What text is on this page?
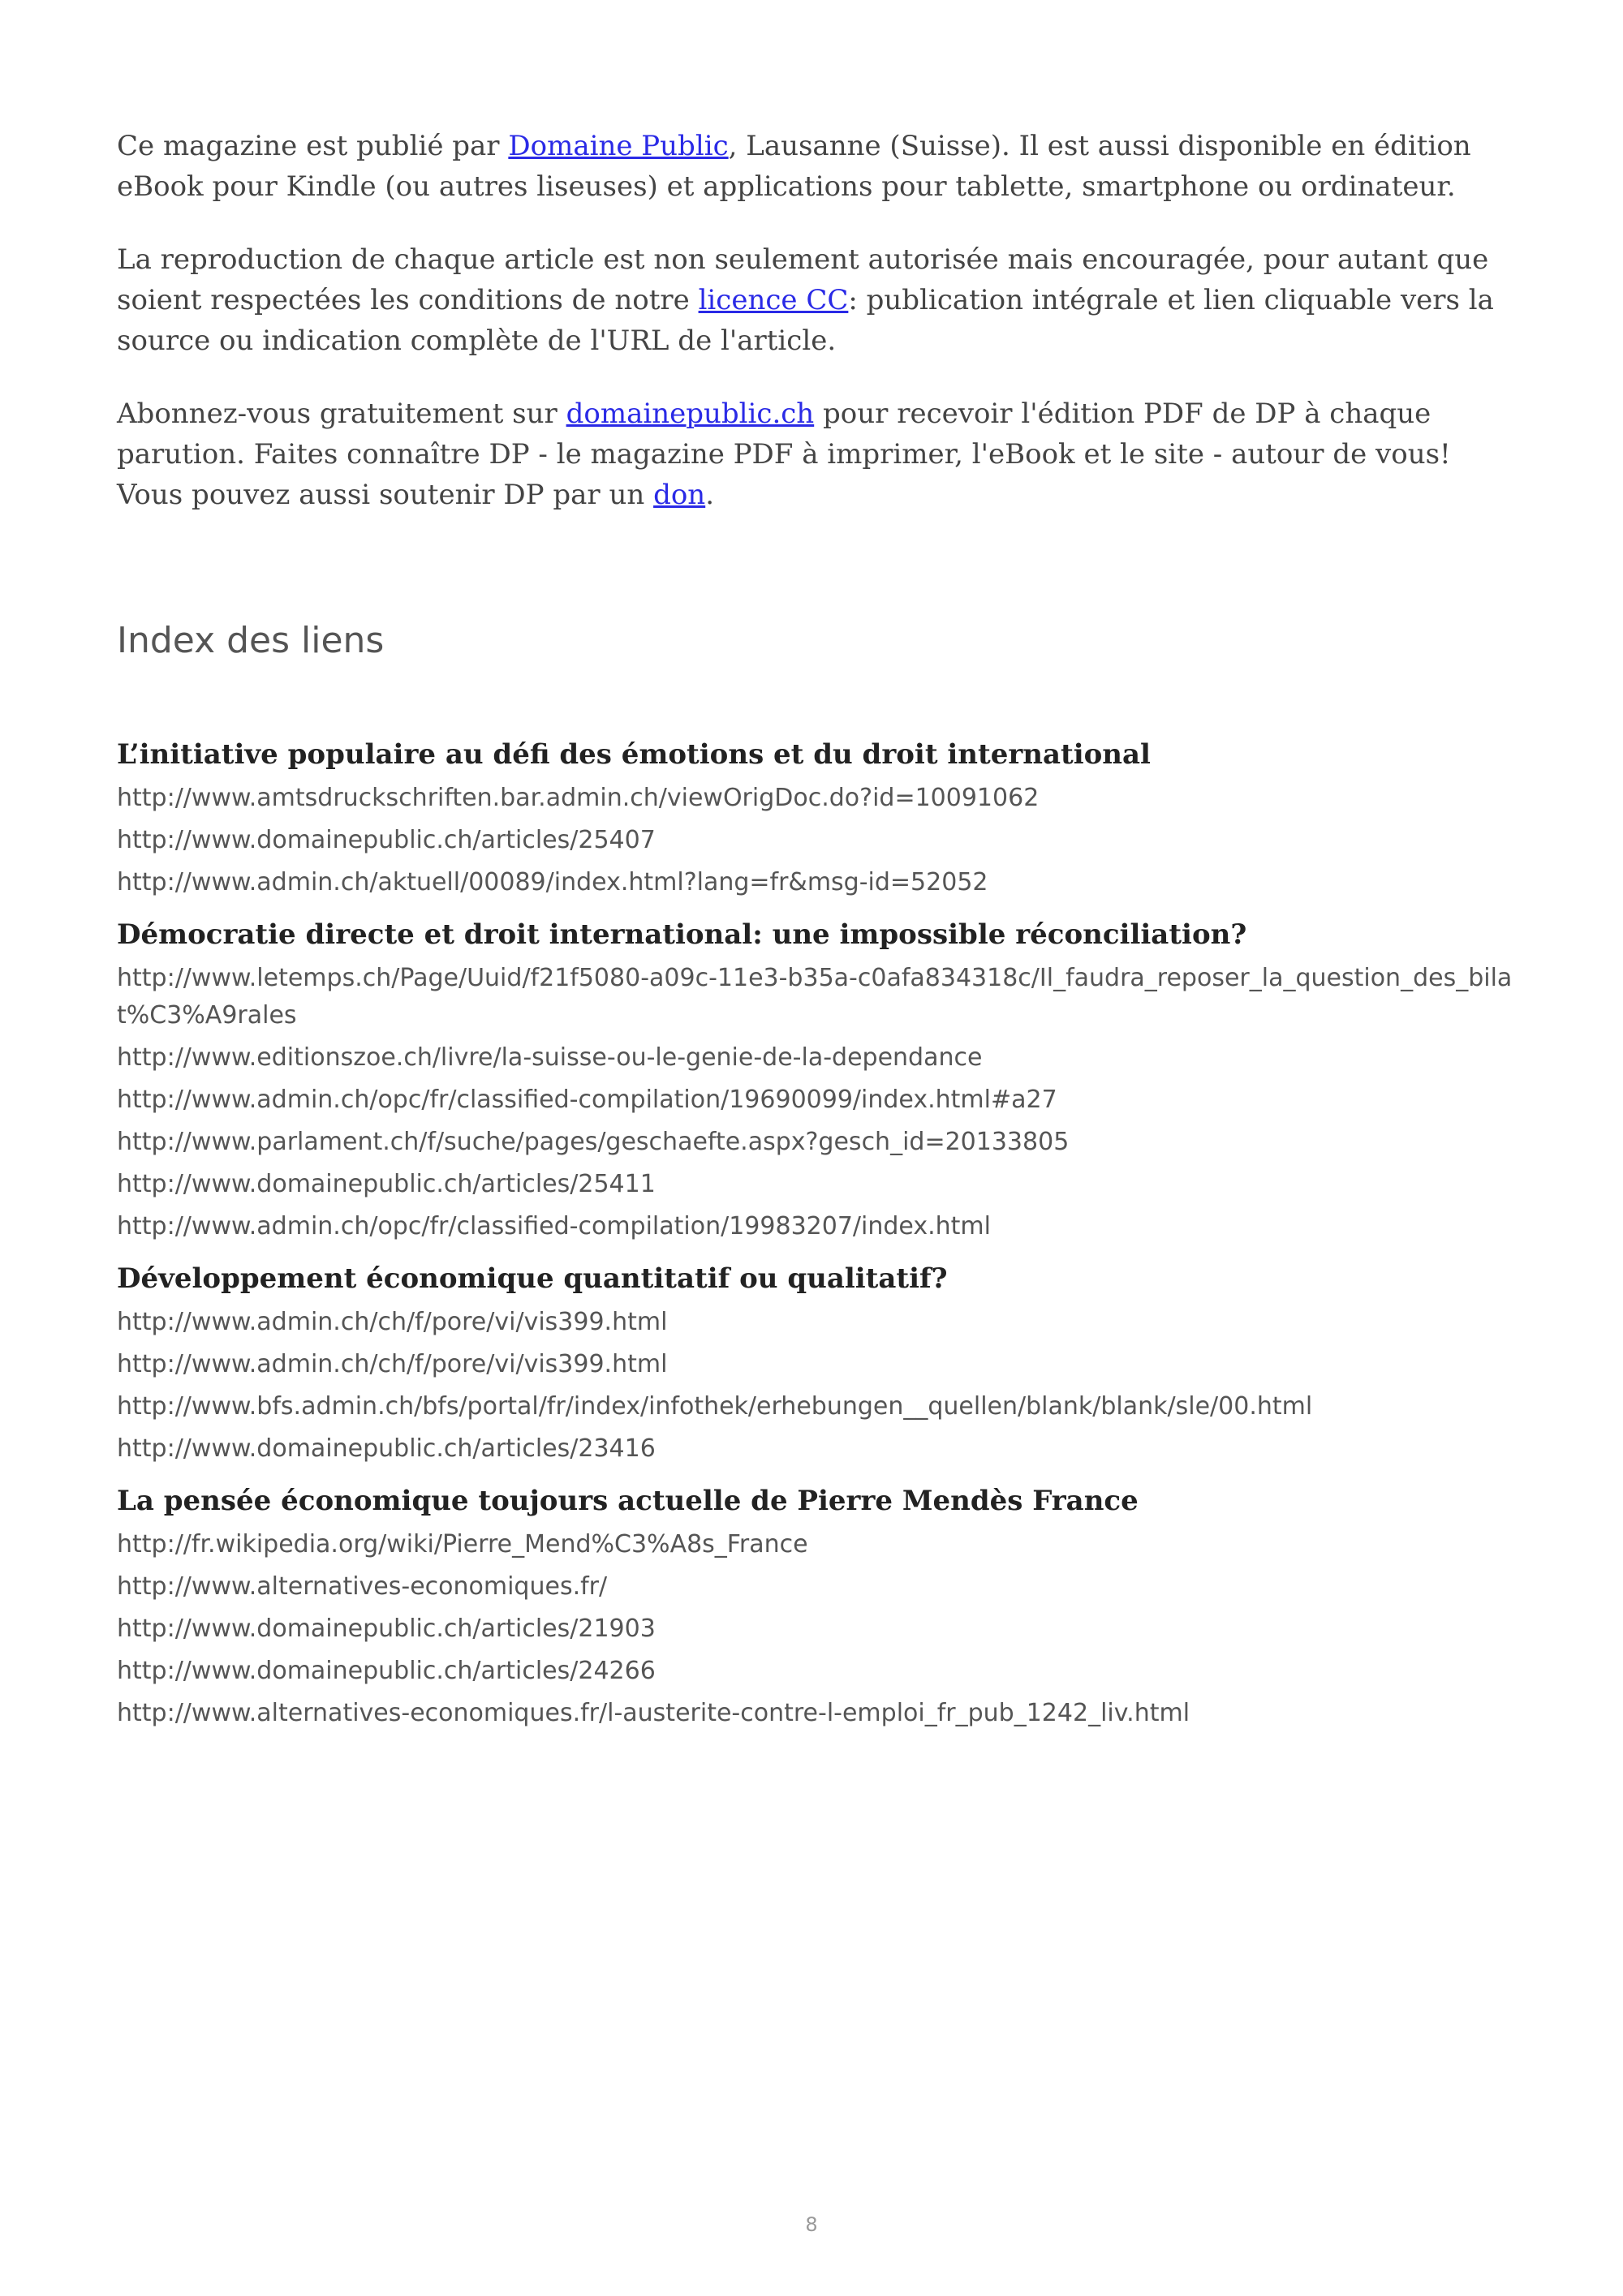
Ce magazine est publié par Domaine Public, Lausanne (Suisse). Il est aussi disponible en édition eBook pour Kindle (ou autres liseuses) et applications pour tablette, smartphone ou ordinateur.

La reproduction de chaque article est non seulement autorisée mais encouragée, pour autant que soient respectées les conditions de notre licence CC: publication intégrale et lien cliquable vers la source ou indication complète de l'URL de l'article.

Abonnez-vous gratuitement sur domainepublic.ch pour recevoir l'édition PDF de DP à chaque parution. Faites connaître DP - le magazine PDF à imprimer, l'eBook et le site - autour de vous! Vous pouvez aussi soutenir DP par un don.

Index des liens
L’initiative populaire au défi des émotions et du droit international
http://www.amtsdruckschriften.bar.admin.ch/viewOrigDoc.do?id=10091062
http://www.domainepublic.ch/articles/25407
http://www.admin.ch/aktuell/00089/index.html?lang=fr&msg-id=52052
Démocratie directe et droit international: une impossible réconciliation?
http://www.letemps.ch/Page/Uuid/f21f5080-a09c-11e3-b35a-c0afa834318c/Il_faudra_reposer_la_question_des_bilat%C3%A9rales
http://www.editionszoe.ch/livre/la-suisse-ou-le-genie-de-la-dependance
http://www.admin.ch/opc/fr/classified-compilation/19690099/index.html#a27
http://www.parlament.ch/f/suche/pages/geschaefte.aspx?gesch_id=20133805
http://www.domainepublic.ch/articles/25411
http://www.admin.ch/opc/fr/classified-compilation/19983207/index.html
Développement économique quantitatif ou qualitatif?
http://www.admin.ch/ch/f/pore/vi/vis399.html
http://www.admin.ch/ch/f/pore/vi/vis399.html
http://www.bfs.admin.ch/bfs/portal/fr/index/infothek/erhebungen__quellen/blank/blank/sle/00.html
http://www.domainepublic.ch/articles/23416
La pensée économique toujours actuelle de Pierre Mendès France
http://fr.wikipedia.org/wiki/Pierre_Mend%C3%A8s_France
http://www.alternatives-economiques.fr/
http://www.domainepublic.ch/articles/21903
http://www.domainepublic.ch/articles/24266
http://www.alternatives-economiques.fr/l-austerite-contre-l-emploi_fr_pub_1242_liv.html
8
